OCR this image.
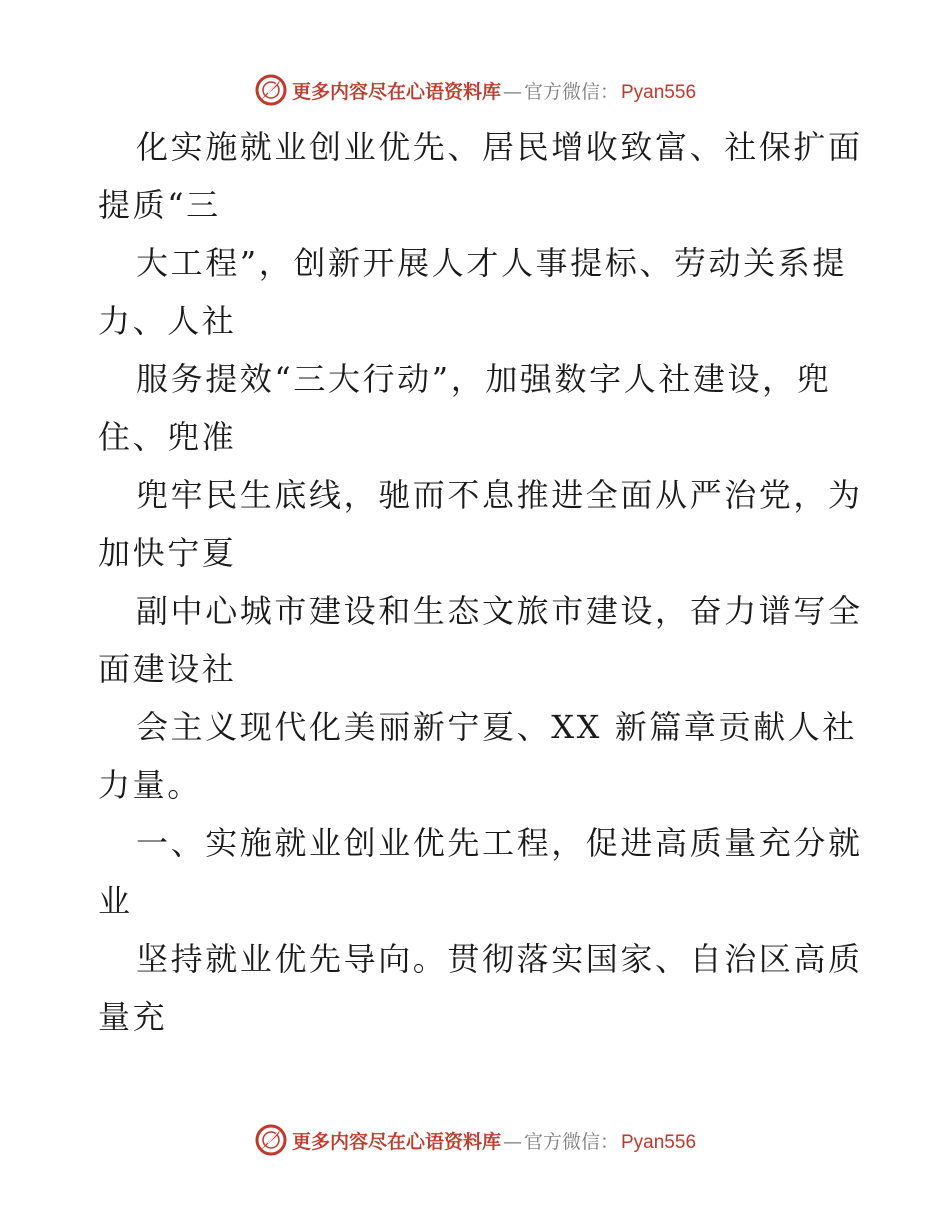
更多内容尽在心语资料库 — 官方微信： Pyan556
化实施就业创业优先、居民增收致富、社保扩面
提质“三
大工程”，创新开展人才人事提标、劳动关系提
力、人社
服务提效“三大行动”，加强数字人社建设，兜
住、兜准
兜牢民生底线，驰而不息推进全面从严治党，为
加快宁夏
副中心城市建设和生态文旅市建设，奋力谱写全
面建设社
会主义现代化美丽新宁夏、XX 新篇章贡献人社
力量。
一、实施就业创业优先工程，促进高质量充分就
业
坚持就业优先导向。贯彻落实国家、自治区高质
量充
更多内容尽在心语资料库 — 官方微信： Pyan556
